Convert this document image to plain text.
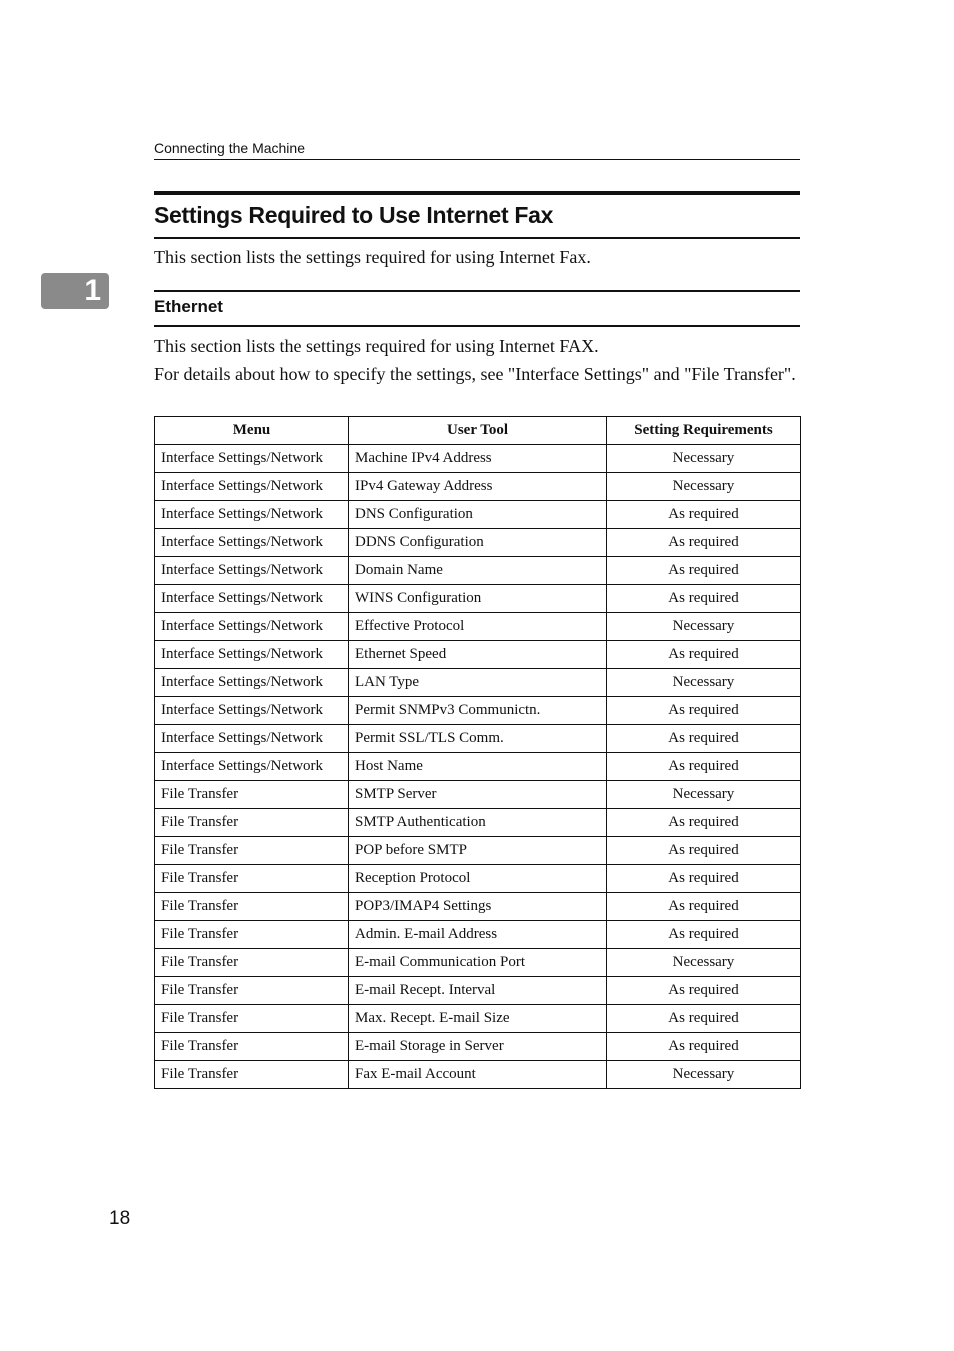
Connecting the Machine
Settings Required to Use Internet Fax
This section lists the settings required for using Internet Fax.
1	Ethernet
This section lists the settings required for using Internet FAX.
For details about how to specify the settings, see "Interface Settings" and "File Transfer".
Menu	User Tool	Setting Requirements
Interface Settings/Network	Machine IPv4 Address	Necessary
Interface Settings/Network	IPv4 Gateway Address	Necessary
Interface Settings/Network	DNS Configuration	As required
Interface Settings/Network	DDNS Configuration	As required
Interface Settings/Network	Domain Name	As required
Interface Settings/Network	WINS Configuration	As required
Interface Settings/Network	Effective Protocol	Necessary
Interface Settings/Network	Ethernet Speed	As required
Interface Settings/Network	LAN Type	Necessary
Interface Settings/Network	Permit SNMPv3 Communictn.	As required
Interface Settings/Network	Permit SSL/TLS Comm.	As required
Interface Settings/Network	Host Name	As required
File Transfer	SMTP Server	Necessary
File Transfer	SMTP Authentication	As required
File Transfer	POP before SMTP	As required
File Transfer	Reception Protocol	As required
File Transfer	POP3/IMAP4 Settings	As required
File Transfer	Admin. E-mail Address	As required
File Transfer	E-mail Communication Port	Necessary
File Transfer	E-mail Recept. Interval	As required
File Transfer	Max. Recept. E-mail Size	As required
File Transfer	E-mail Storage in Server	As required
File Transfer	Fax E-mail Account	Necessary
18
